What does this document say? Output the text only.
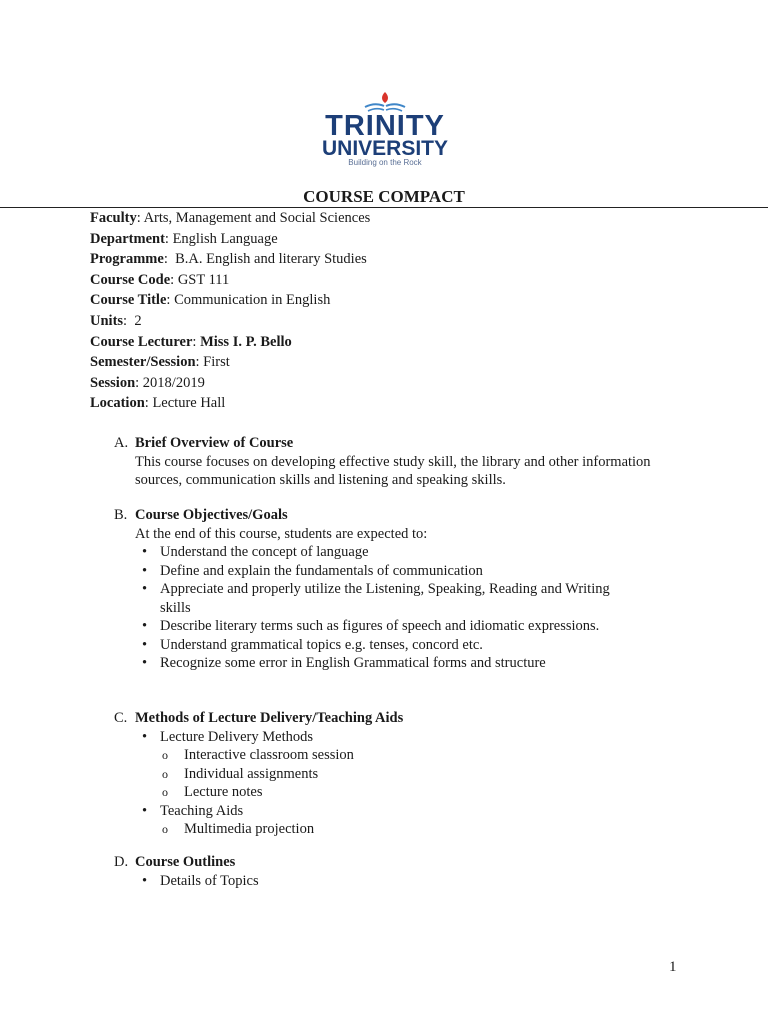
TRINITY
UNIVERSITY
Building on the Rock
COURSE COMPACT
Faculty: Arts, Management and Social Sciences
Department: English Language
Programme:  B.A. English and literary Studies
Course Code: GST 111
Course Title: Communication in English
Units:  2
Course Lecturer: Miss I. P. Bello
Semester/Session: First
Session: 2018/2019
Location: Lecture Hall
A. Brief Overview of Course
This course focuses on developing effective study skill, the library and other information
sources, communication skills and listening and speaking skills.
B. Course Objectives/Goals
At the end of this course, students are expected to:
• Understand the concept of language
• Define and explain the fundamentals of communication
• Appreciate and properly utilize the Listening, Speaking, Reading and Writing skills
• Describe literary terms such as figures of speech and idiomatic expressions.
• Understand grammatical topics e.g. tenses, concord etc.
• Recognize some error in English Grammatical forms and structure
C. Methods of Lecture Delivery/Teaching Aids
• Lecture Delivery Methods
o Interactive classroom session
o Individual assignments
o Lecture notes
• Teaching Aids
o Multimedia projection
D. Course Outlines
• Details of Topics
1
